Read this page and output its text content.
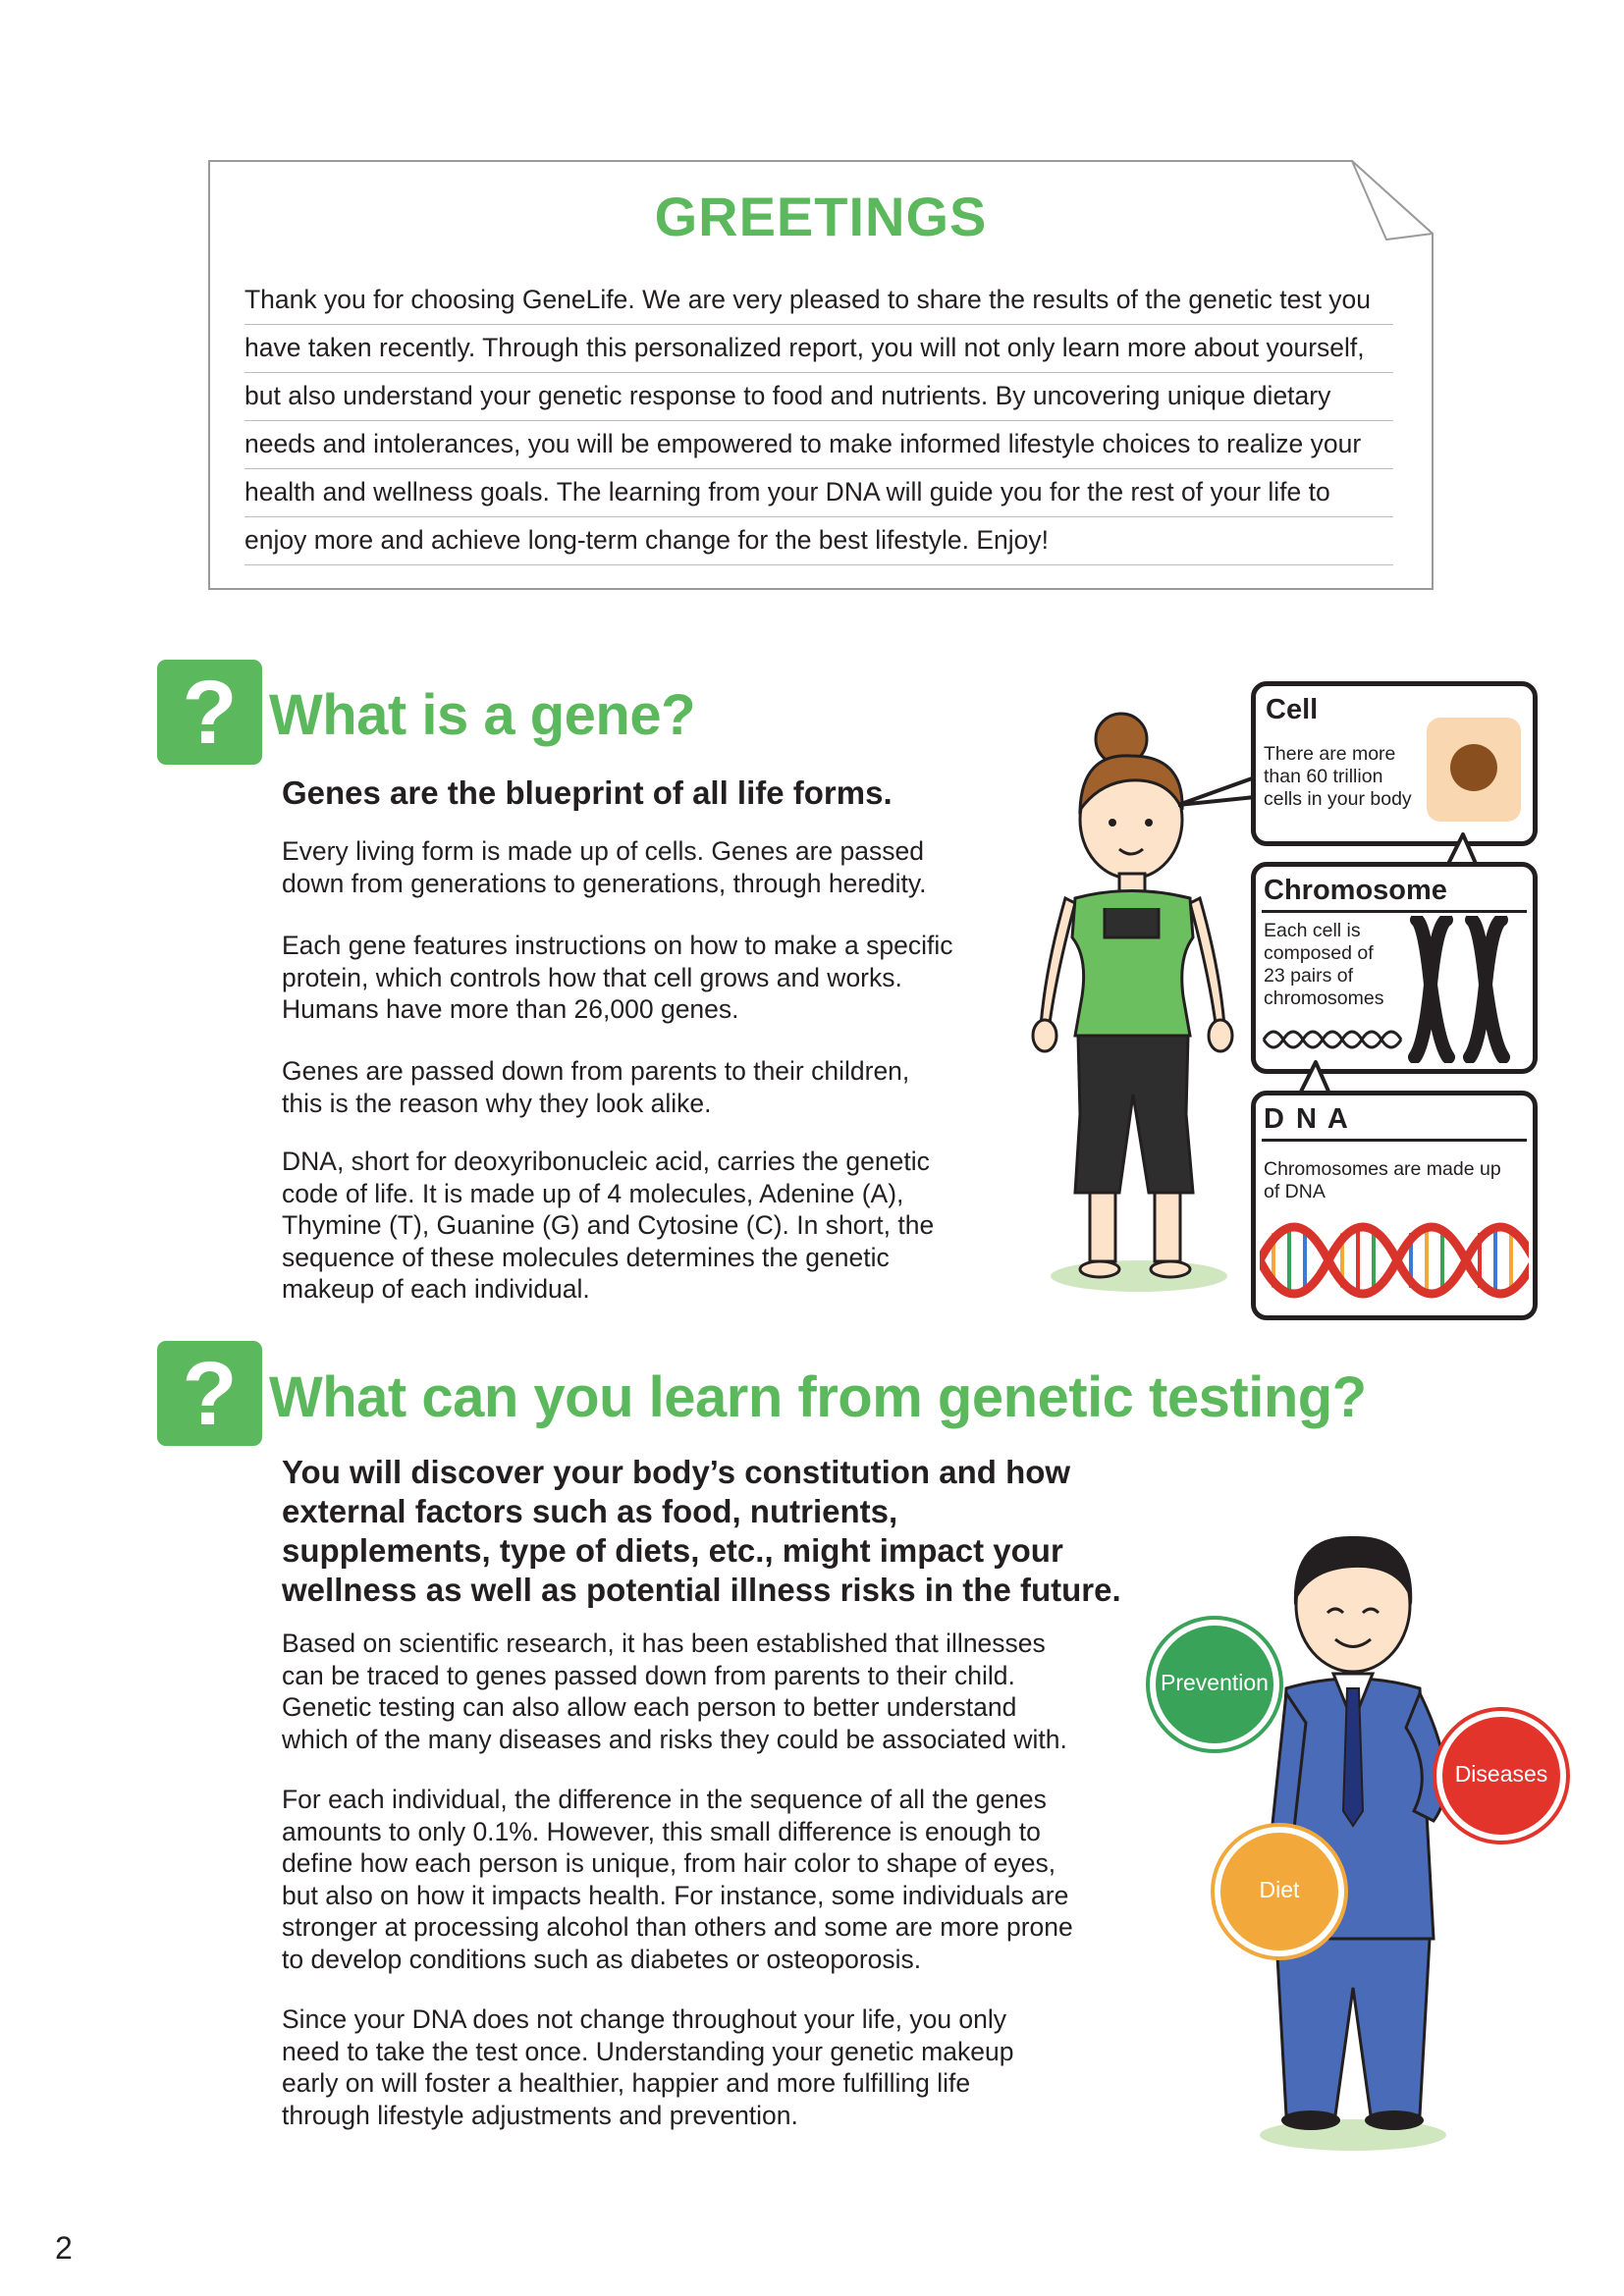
GREETINGS
Thank you for choosing GeneLife. We are very pleased to share the results of the genetic test you
have taken recently. Through this personalized report, you will not only learn more about yourself,
but also understand your genetic response to food and nutrients. By uncovering unique dietary
needs and intolerances, you will be empowered to make informed lifestyle choices to realize your
health and wellness goals. The learning from your DNA will guide you for the rest of your life to
enjoy more and achieve long-term change for the best lifestyle. Enjoy!
? What is a gene?
Genes are the blueprint of all life forms.
Every living form is made up of cells. Genes are passed
down from generations to generations, through heredity.
Each gene features instructions on how to make a specific
protein, which controls how that cell grows and works.
Humans have more than 26,000 genes.
Genes are passed down from parents to their children,
this is the reason why they look alike.
DNA, short for deoxyribonucleic acid, carries the genetic
code of life. It is made up of 4 molecules, Adenine (A),
Thymine (T), Guanine (G) and Cytosine (C). In short, the
sequence of these molecules determines the genetic
makeup of each individual.
Cell
There are more
than 60 trillion
cells in your body
Chromosome
Each cell is
composed of
23 pairs of
chromosomes
D N A
Chromosomes are made up
of DNA
? What can you learn from genetic testing?
You will discover your body’s constitution and how
external factors such as food, nutrients,
supplements, type of diets, etc., might impact your
wellness as well as potential illness risks in the future.
Based on scientific research, it has been established that illnesses
can be traced to genes passed down from parents to their child.
Genetic testing can also allow each person to better understand
which of the many diseases and risks they could be associated with.
For each individual, the difference in the sequence of all the genes
amounts to only 0.1%. However, this small difference is enough to
define how each person is unique, from hair color to shape of eyes,
but also on how it impacts health. For instance, some individuals are
stronger at processing alcohol than others and some are more prone
to develop conditions such as diabetes or osteoporosis.
Since your DNA does not change throughout your life, you only
need to take the test once. Understanding your genetic makeup
early on will foster a healthier, happier and more fulfilling life
through lifestyle adjustments and prevention.
Prevention
Diseases
Diet
2
